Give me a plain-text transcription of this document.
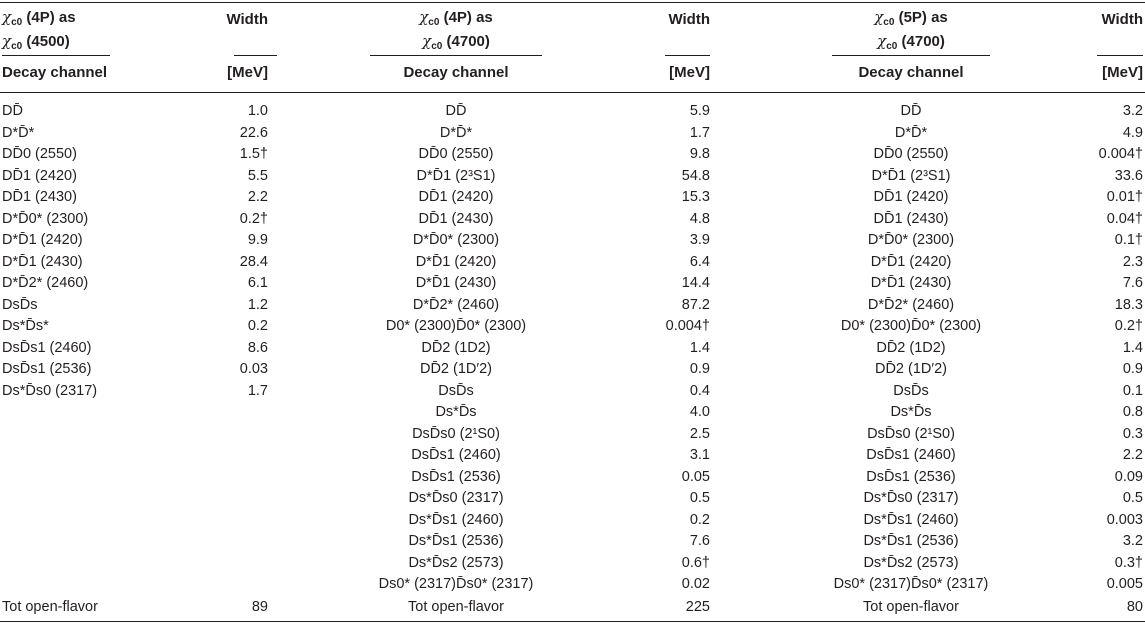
$\chi_{c0}$ (4P) as
$\chi_{c0}$ (4500)
Width
Decay channel	[MeV]
DD̄	1.0
D*D̄*	22.6
DD̄0 (2550)	1.5†
DD̄1 (2420)	5.5
DD̄1 (2430)	2.2
D*D̄0* (2300)	0.2†
D*D̄1 (2420)	9.9
D*D̄1 (2430)	28.4
D*D̄2* (2460)	6.1
DsD̄s	1.2
Ds*D̄s*	0.2
DsD̄s1 (2460)	8.6
DsD̄s1 (2536)	0.03
Ds*D̄s0 (2317)	1.7
Tot open-flavor	89
$\chi_{c0}$ (4P) as
$\chi_{c0}$ (4700)
Width
Decay channel	[MeV]
DD̄	5.9
D*D̄*	1.7
DD̄0 (2550)	9.8
D*D̄1 (2³S1)	54.8
DD̄1 (2420)	15.3
DD̄1 (2430)	4.8
D*D̄0* (2300)	3.9
D*D̄1 (2420)	6.4
D*D̄1 (2430)	14.4
D*D̄2* (2460)	87.2
D0* (2300)D̄0* (2300)	0.004†
DD̄2 (1D2)	1.4
DD̄2 (1D′2)	0.9
DsD̄s	0.4
Ds*D̄s	4.0
DsD̄s0 (2¹S0)	2.5
DsD̄s1 (2460)	3.1
DsD̄s1 (2536)	0.05
Ds*D̄s0 (2317)	0.5
Ds*D̄s1 (2460)	0.2
Ds*D̄s1 (2536)	7.6
Ds*D̄s2 (2573)	0.6†
Ds0* (2317)D̄s0* (2317)	0.02
Tot open-flavor	225
$\chi_{c0}$ (5P) as
$\chi_{c0}$ (4700)
Width
Decay channel	[MeV]
DD̄	3.2
D*D̄*	4.9
DD̄0 (2550)	0.004†
D*D̄1 (2³S1)	33.6
DD̄1 (2420)	0.01†
DD̄1 (2430)	0.04†
D*D̄0* (2300)	0.1†
D*D̄1 (2420)	2.3
D*D̄1 (2430)	7.6
D*D̄2* (2460)	18.3
D0* (2300)D̄0* (2300)	0.2†
DD̄2 (1D2)	1.4
DD̄2 (1D′2)	0.9
DsD̄s	0.1
Ds*D̄s	0.8
DsD̄s0 (2¹S0)	0.3
DsD̄s1 (2460)	2.2
DsD̄s1 (2536)	0.09
Ds*D̄s0 (2317)	0.5
Ds*D̄s1 (2460)	0.003
Ds*D̄s1 (2536)	3.2
Ds*D̄s2 (2573)	0.3†
Ds0* (2317)D̄s0* (2317)	0.005
Tot open-flavor	80
